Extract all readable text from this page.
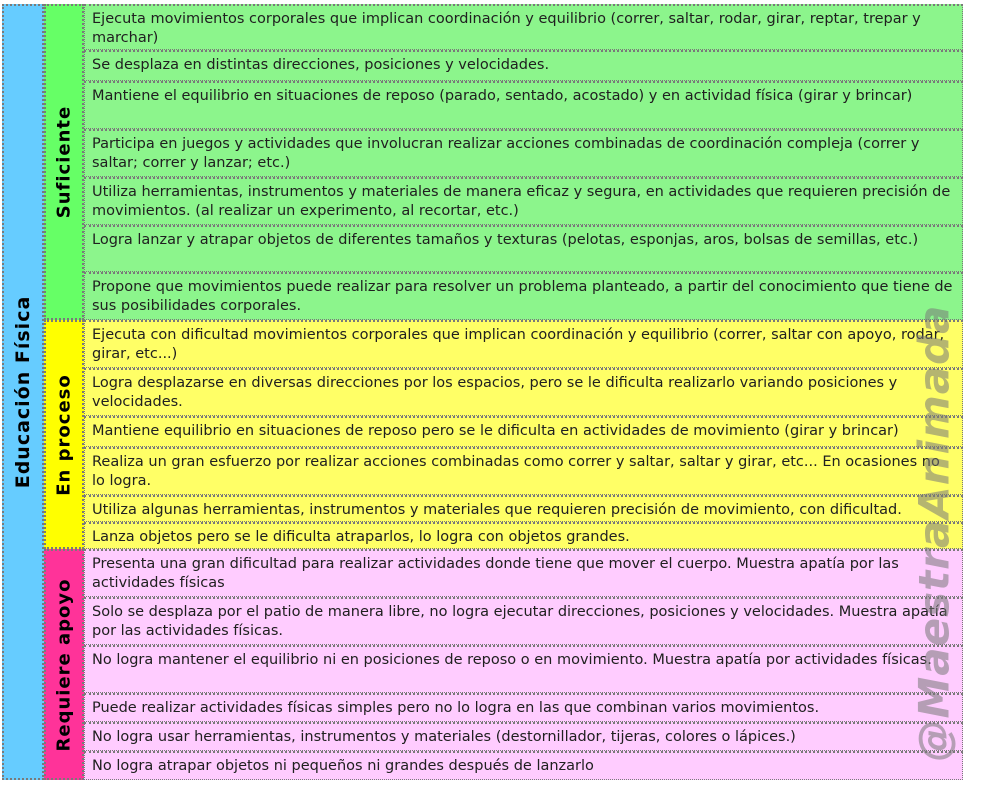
Educación Física
Suficiente
En proceso
Requiere apoyo
Ejecuta movimientos corporales que implican coordinación y equilibrio (correr, saltar, rodar, girar, reptar, trepar y marchar)
Se desplaza en distintas direcciones, posiciones y velocidades.
Mantiene el equilibrio en situaciones de reposo (parado, sentado, acostado) y en actividad física (girar y brincar)
Participa en juegos y actividades que involucran realizar acciones combinadas de coordinación compleja (correr y saltar; correr y lanzar; etc.)
Utiliza herramientas, instrumentos y materiales de manera eficaz y segura, en actividades que requieren precisión de movimientos. (al realizar un experimento, al recortar, etc.)
Logra lanzar y atrapar objetos de diferentes tamaños y texturas (pelotas, esponjas, aros, bolsas de semillas, etc.)
Propone que movimientos puede realizar para resolver un problema planteado, a partir del conocimiento que tiene de sus posibilidades corporales.
Ejecuta con dificultad movimientos corporales que implican coordinación y equilibrio (correr, saltar con apoyo, rodar, girar, etc...)
Logra desplazarse en diversas direcciones por los espacios, pero se le dificulta realizarlo variando posiciones y velocidades.
Mantiene equilibrio en situaciones de reposo pero se le dificulta en actividades de movimiento (girar y brincar)
Realiza un gran esfuerzo por realizar acciones combinadas como correr y saltar, saltar y girar, etc... En ocasiones no lo logra.
Utiliza algunas herramientas, instrumentos y materiales que requieren precisión de movimiento, con dificultad.
Lanza objetos pero se le dificulta atraparlos, lo logra con objetos grandes.
Presenta una gran dificultad para realizar actividades donde tiene que mover el cuerpo. Muestra apatía por las actividades físicas
Solo se desplaza por el patio de manera libre, no logra ejecutar direcciones, posiciones y velocidades. Muestra apatía por las actividades físicas.
No logra mantener el equilibrio ni en posiciones de reposo o en movimiento. Muestra apatía por actividades físicas.
Puede realizar actividades físicas simples pero no lo logra en las que combinan varios movimientos.
No logra usar herramientas, instrumentos y materiales (destornillador, tijeras, colores o lápices.)
No logra atrapar objetos ni pequeños ni grandes después de lanzarlo
@MaestraAnimada
